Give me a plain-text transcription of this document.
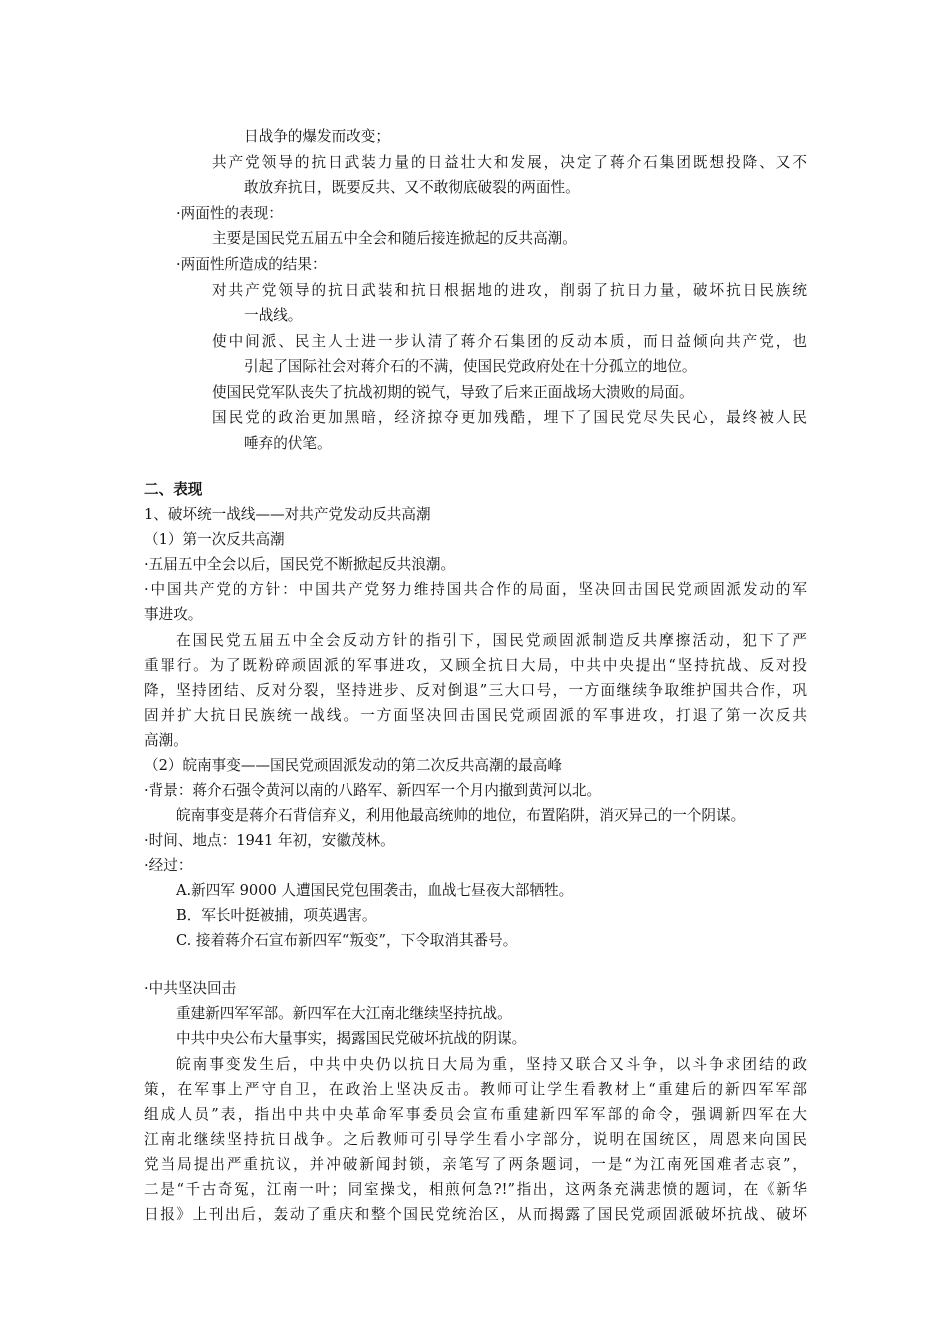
日战争的爆发而改变；
共产党领导的抗日武装力量的日益壮大和发展，决定了蒋介石集团既想投降、又不
敢放弃抗日，既要反共、又不敢彻底破裂的两面性。
·两面性的表现：
主要是国民党五届五中全会和随后接连掀起的反共高潮。
·两面性所造成的结果：
对共产党领导的抗日武装和抗日根据地的进攻，削弱了抗日力量，破坏抗日民族统
一战线。
使中间派、民主人士进一步认清了蒋介石集团的反动本质，而日益倾向共产党，也
引起了国际社会对蒋介石的不满，使国民党政府处在十分孤立的地位。
使国民党军队丧失了抗战初期的锐气，导致了后来正面战场大溃败的局面。
国民党的政治更加黑暗，经济掠夺更加残酷，埋下了国民党尽失民心，最终被人民
唾弃的伏笔。
二、表现
1、破坏统一战线——对共产党发动反共高潮
（1）第一次反共高潮
·五届五中全会以后，国民党不断掀起反共浪潮。
·中国共产党的方针：中国共产党努力维持国共合作的局面，坚决回击国民党顽固派发动的军
事进攻。
在国民党五届五中全会反动方针的指引下，国民党顽固派制造反共摩擦活动，犯下了严
重罪行。为了既粉碎顽固派的军事进攻，又顾全抗日大局，中共中央提出“坚持抗战、反对投
降，坚持团结、反对分裂，坚持进步、反对倒退”三大口号，一方面继续争取维护国共合作，巩
固并扩大抗日民族统一战线。一方面坚决回击国民党顽固派的军事进攻，打退了第一次反共
高潮。
（2）皖南事变——国民党顽固派发动的第二次反共高潮的最高峰
·背景：蒋介石强令黄河以南的八路军、新四军一个月内撤到黄河以北。
皖南事变是蒋介石背信弃义，利用他最高统帅的地位，布置陷阱，消灭异己的一个阴谋。
·时间、地点：1941 年初，安徽茂林。
·经过：
A.新四军 9000 人遭国民党包围袭击，血战七昼夜大部牺牲。
B．军长叶挺被捕，项英遇害。
C. 接着蒋介石宣布新四军“叛变”，下令取消其番号。
·中共坚决回击
重建新四军军部。新四军在大江南北继续坚持抗战。
中共中央公布大量事实，揭露国民党破坏抗战的阴谋。
皖南事变发生后，中共中央仍以抗日大局为重，坚持又联合又斗争，以斗争求团结的政
策，在军事上严守自卫，在政治上坚决反击。教师可让学生看教材上“重建后的新四军军部
组成人员”表，指出中共中央革命军事委员会宣布重建新四军军部的命令，强调新四军在大
江南北继续坚持抗日战争。之后教师可引导学生看小字部分，说明在国统区，周恩来向国民
党当局提出严重抗议，并冲破新闻封锁，亲笔写了两条题词，一是“为江南死国难者志哀”，
二是“千古奇冤，江南一叶；同室操戈，相煎何急?!”指出，这两条充满悲愤的题词，在《新华
日报》上刊出后，轰动了重庆和整个国民党统治区，从而揭露了国民党顽固派破坏抗战、破坏
